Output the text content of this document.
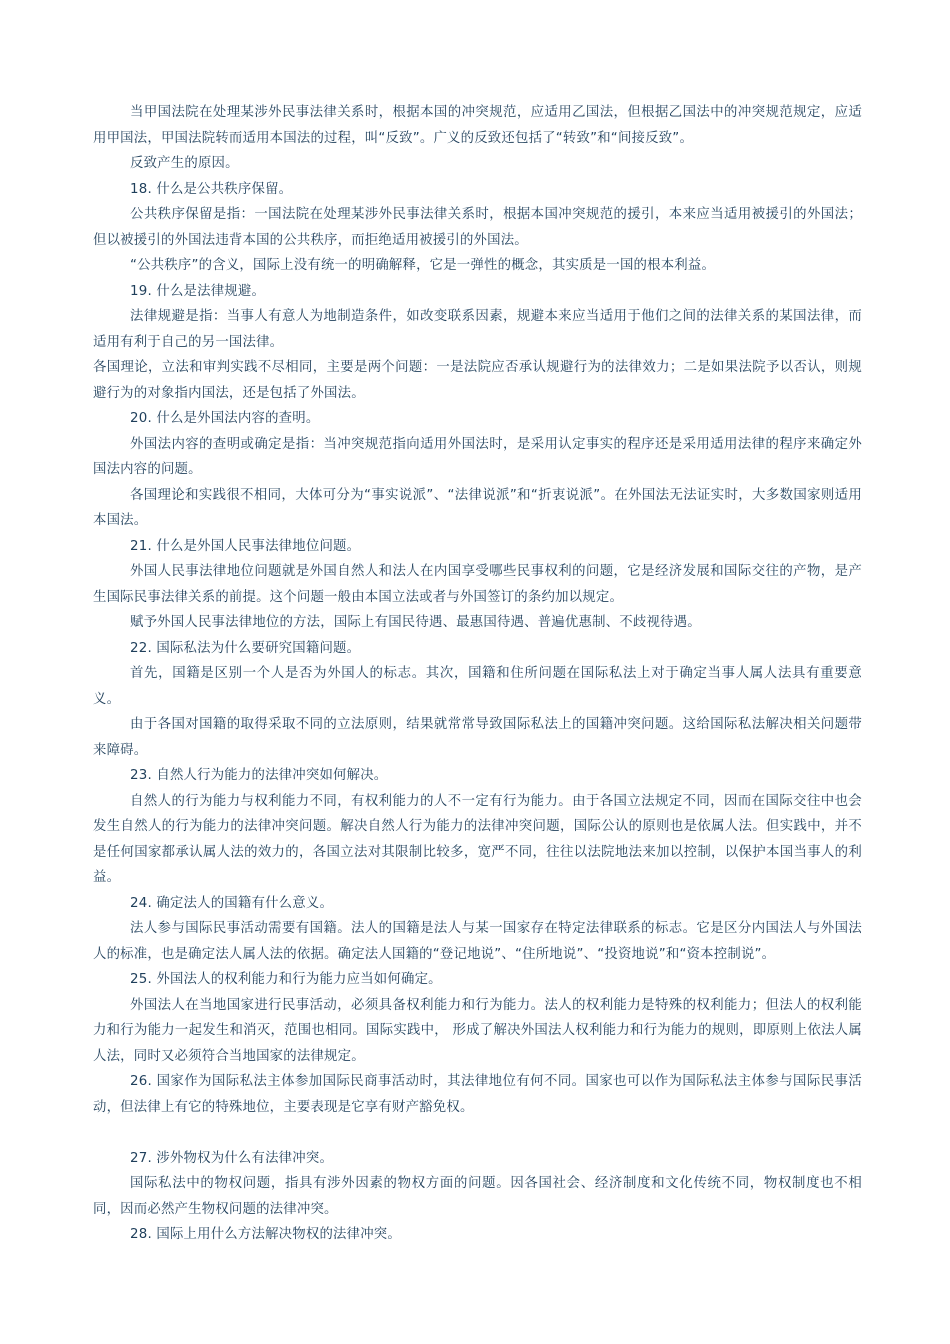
当甲国法院在处理某涉外民事法律关系时，根据本国的冲突规范，应适用乙国法，但根据乙国法中的冲突规范规定，应适用甲国法，甲国法院转而适用本国法的过程，叫“反致”。广义的反致还包括了“转致”和“间接反致”。

反致产生的原因。

18. 什么是公共秩序保留。

公共秩序保留是指：一国法院在处理某涉外民事法律关系时，根据本国冲突规范的援引，本来应当适用被援引的外国法；但以被援引的外国法违背本国的公共秩序，而拒绝适用被援引的外国法。

“公共秩序”的含义，国际上没有统一的明确解释，它是一弹性的概念，其实质是一国的根本利益。

19. 什么是法律规避。

法律规避是指：当事人有意人为地制造条件，如改变联系因素，规避本来应当适用于他们之间的法律关系的某国法律，而适用有利于自己的另一国法律。

各国理论，立法和审判实践不尽相同，主要是两个问题：一是法院应否承认规避行为的法律效力；二是如果法院予以否认，则规避行为的对象指内国法，还是包括了外国法。

20. 什么是外国法内容的查明。

外国法内容的查明或确定是指：当冲突规范指向适用外国法时，是采用认定事实的程序还是采用适用法律的程序来确定外国法内容的问题。

各国理论和实践很不相同，大体可分为“事实说派”、“法律说派”和“折衷说派”。在外国法无法证实时，大多数国家则适用本国法。

21. 什么是外国人民事法律地位问题。

外国人民事法律地位问题就是外国自然人和法人在内国享受哪些民事权利的问题，它是经济发展和国际交往的产物，是产生国际民事法律关系的前提。这个问题一般由本国立法或者与外国签订的条约加以规定。

赋予外国人民事法律地位的方法，国际上有国民待遇、最惠国待遇、普遍优惠制、不歧视待遇。

22. 国际私法为什么要研究国籍问题。

首先，国籍是区别一个人是否为外国人的标志。其次，国籍和住所问题在国际私法上对于确定当事人属人法具有重要意义。

由于各国对国籍的取得采取不同的立法原则，结果就常常导致国际私法上的国籍冲突问题。这给国际私法解决相关问题带来障碍。

23. 自然人行为能力的法律冲突如何解决。

自然人的行为能力与权利能力不同，有权利能力的人不一定有行为能力。由于各国立法规定不同，因而在国际交往中也会发生自然人的行为能力的法律冲突问题。解决自然人行为能力的法律冲突问题，国际公认的原则也是依属人法。但实践中，并不是任何国家都承认属人法的效力的，各国立法对其限制比较多，宽严不同，往往以法院地法来加以控制，以保护本国当事人的利益。

24. 确定法人的国籍有什么意义。

法人参与国际民事活动需要有国籍。法人的国籍是法人与某一国家存在特定法律联系的标志。它是区分内国法人与外国法人的标准，也是确定法人属人法的依据。确定法人国籍的“登记地说”、“住所地说”、“投资地说”和“资本控制说”。

25. 外国法人的权利能力和行为能力应当如何确定。

外国法人在当地国家进行民事活动，必须具备权利能力和行为能力。法人的权利能力是特殊的权利能力；但法人的权利能力和行为能力一起发生和消灭，范围也相同。国际实践中， 形成了解决外国法人权利能力和行为能力的规则，即原则上依法人属人法，同时又必须符合当地国家的法律规定。

26. 国家作为国际私法主体参加国际民商事活动时，其法律地位有何不同。国家也可以作为国际私法主体参与国际民事活动，但法律上有它的特殊地位，主要表现是它享有财产豁免权。

27. 涉外物权为什么有法律冲突。

国际私法中的物权问题，指具有涉外因素的物权方面的问题。因各国社会、经济制度和文化传统不同，物权制度也不相同，因而必然产生物权问题的法律冲突。

28. 国际上用什么方法解决物权的法律冲突。
